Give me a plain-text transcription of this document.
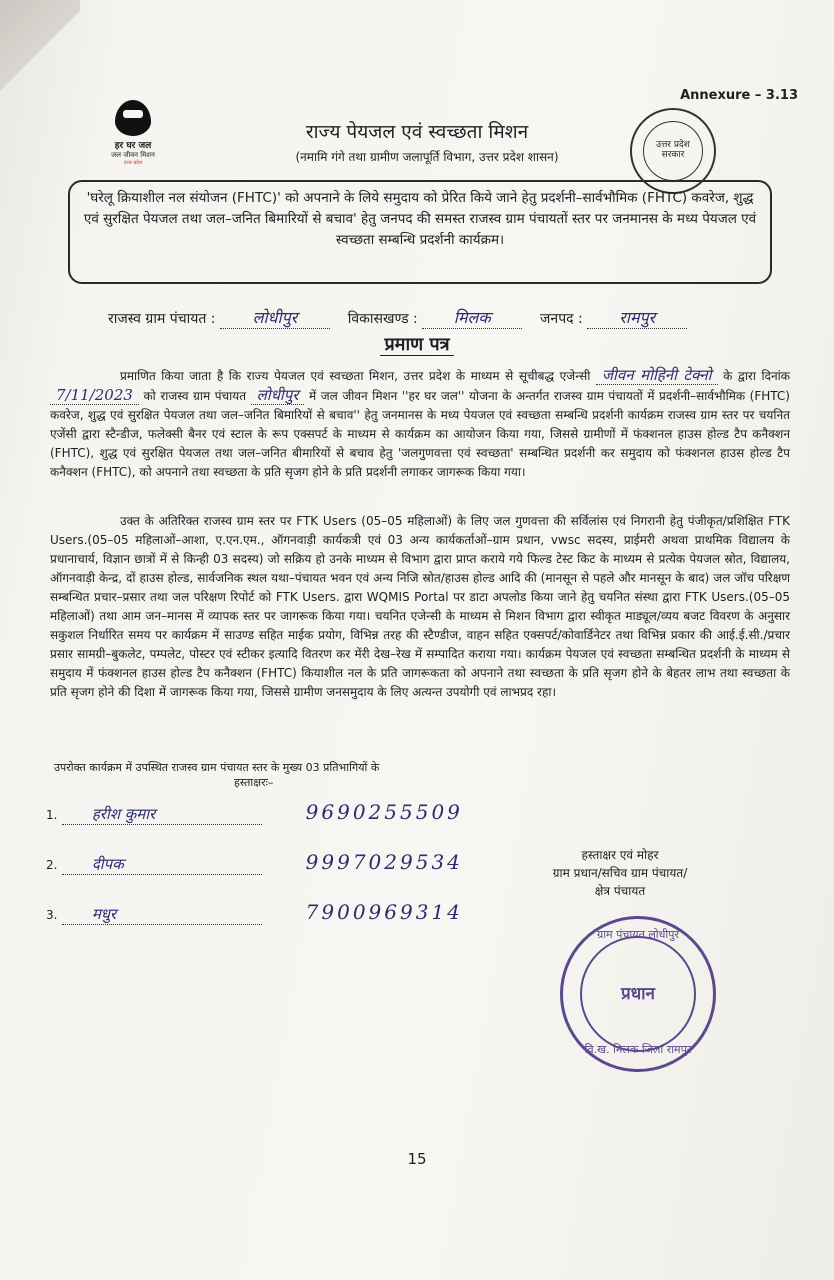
Annexure – 3.13
हर घर जल
जल जीवन मिशन
उत्तर प्रदेश
उत्तर प्रदेश सरकार
राज्य पेयजल एवं स्वच्छता मिशन
(नमामि गंगे तथा ग्रामीण जलापूर्ति विभाग, उत्तर प्रदेश शासन)
'घरेलू क्रियाशील नल संयोजन (FHTC)' को अपनाने के लिये समुदाय को प्रेरित किये जाने हेतु प्रदर्शनी–सार्वभौमिक (FHTC) कवरेज, शुद्ध एवं सुरक्षित पेयजल तथा जल–जनित बिमारियों से बचाव' हेतु जनपद की समस्त राजस्व ग्राम पंचायतों स्तर पर जनमानस के मध्य पेयजल एवं स्वच्छता सम्बन्धि प्रदर्शनी कार्यक्रम।
राजस्व ग्राम पंचायत : लोधीपुर	विकासखण्ड : मिलक	जनपद : रामपुर
प्रमाण पत्र
प्रमाणित किया जाता है कि राज्य पेयजल एवं स्वच्छता मिशन, उत्तर प्रदेश के माध्यम से सूचीबद्ध एजेन्सी जीवन मोहिनी टेक्नो के द्वारा दिनांक 7/11/2023 को राजस्व ग्राम पंचायत लोधीपुर में जल जीवन मिशन ''हर घर जल'' योजना के अन्तर्गत राजस्व ग्राम पंचायतों में प्रदर्शनी–सार्वभौमिक (FHTC) कवरेज, शुद्ध एवं सुरक्षित पेयजल तथा जल–जनित बिमारियों से बचाव'' हेतु जनमानस के मध्य पेयजल एवं स्वच्छता सम्बन्धि प्रदर्शनी कार्यक्रम राजस्व ग्राम स्तर पर चयनित एजेंसी द्वारा स्टैन्डीज, फलेक्सी बैनर एवं स्टाल के रूप एक्सपर्ट के माध्यम से कार्यक्रम का आयोजन किया गया, जिससे ग्रामीणों में फंक्शनल हाउस होल्ड टैप कनैक्शन (FHTC), शुद्ध एवं सुरक्षित पेयजल तथा जल–जनित बीमारियों से बचाव हेतु 'जलगुणवत्ता एवं स्वच्छता' सम्बन्धित प्रदर्शनी कर समुदाय को फंक्शनल हाउस होल्ड टैप कनैक्शन (FHTC), को अपनाने तथा स्वच्छता के प्रति सृजग होने के प्रति प्रदर्शनी लगाकर जागरूक किया गया।
उक्त के अतिरिक्त राजस्व ग्राम स्तर पर FTK Users (05–05 महिलाओं) के लिए जल गुणवत्ता की सर्विलांस एवं निगरानी हेतु पंजीकृत/प्रशिक्षित FTK Users.(05–05 महिलाओं–आशा, ए.एन.एम., ऑगनवाड़ी कार्यकत्री एवं 03 अन्य कार्यकर्ताओं–ग्राम प्रधान, vwsc सदस्य, प्राईमरी अथवा प्राथमिक विद्यालय के प्रधानाचार्य, विज्ञान छात्रों में से किन्ही 03 सदस्य) जो सक्रिय हो उनके माध्यम से विभाग द्वारा प्राप्त कराये गये फिल्ड टेस्ट किट के माध्यम से प्रत्येक पेयजल स्रोत, विद्यालय, ऑगनवाड़ी केन्द्र, दों हाउस होल्ड, सार्वजनिक स्थल यथा–पंचायत भवन एवं अन्य निजि स्रोत/हाउस होल्ड आदि की (मानसून से पहले और मानसून के बाद) जल जॉच परिक्षण सम्बन्धित प्रचार–प्रसार तथा जल परिक्षण रिपोर्ट को FTK Users. द्वारा WQMIS Portal पर डाटा अपलोड किया जाने हेतु चयनित संस्था द्वारा FTK Users.(05–05 महिलाओं) तथा आम जन–मानस में व्यापक स्तर पर जागरूक किया गया। चयनित एजेन्सी के माध्यम से मिशन विभाग द्वारा स्वीकृत माड्यूल/व्यय बजट विवरण के अनुसार सकुशल निर्धारित समय पर कार्यक्रम में साउण्ड सहित माईक प्रयोग, विभिन्न तरह की स्टैण्डीज, वाहन सहित एक्सपर्ट/कोवार्डिनेटर तथा विभिन्न प्रकार की आई.ई.सी./प्रचार प्रसार सामग्री–बुकलेट, पम्पलेट, पोस्टर एवं स्टीकर इत्यादि वितरण कर मेंरी देख–रेख में सम्पादित कराया गया। कार्यक्रम पेयजल एवं स्वच्छता सम्बन्धित प्रदर्शनी के माध्यम से समुदाय में फंक्शनल हाउस होल्ड टैप कनैक्शन (FHTC) कियाशील नल के प्रति जागरूकता को अपनाने तथा स्वच्छता के प्रति सृजग होने के बेहतर लाभ तथा स्वच्छता के प्रति सृजग होने की दिशा में जागरूक किया गया, जिससे ग्रामीण जनसमुदाय के लिए अत्यन्त उपयोगी एवं लाभप्रद रहा।
उपरोक्त कार्यक्रम में उपस्थित राजस्व ग्राम पंचायत स्तर के मुख्य 03 प्रतिभागियों के
हस्ताक्षरः–
1. हरीश कुमार	9690255509
2. दीपक	9997029534
3. मधुर	7900969314
हस्ताक्षर एवं मोहर
ग्राम प्रधान/सचिव ग्राम पंचायत/
क्षेत्र पंचायत
ग्राम पंचायत लोधीपुर
प्रधान
वि.ख. मिलक जिला रामपुर
15
